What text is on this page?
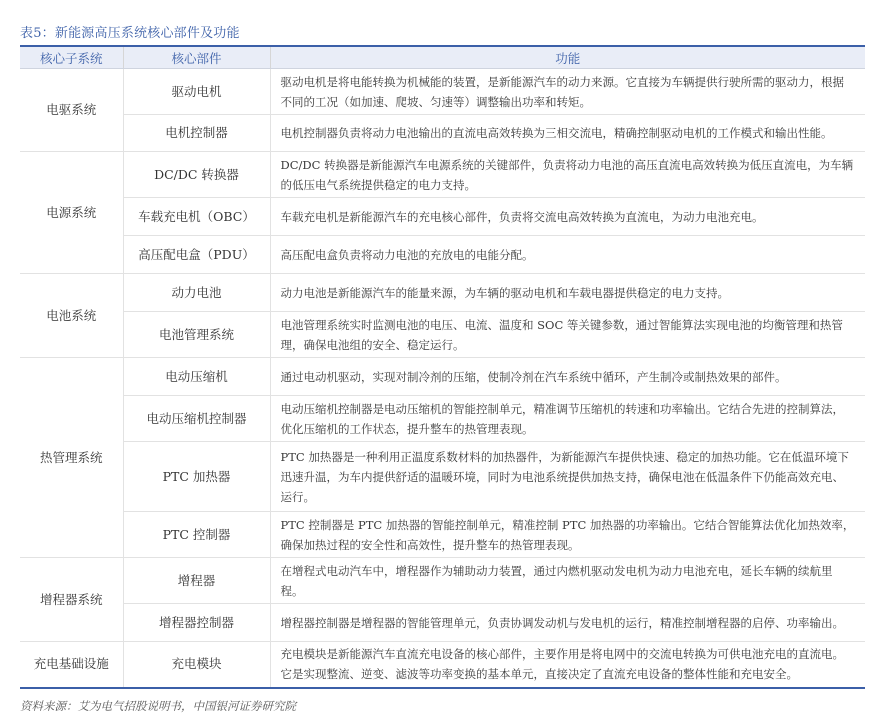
表5：新能源高压系统核心部件及功能
核心子系统	核心部件	功能
电驱系统	驱动电机	驱动电机是将电能转换为机械能的装置，是新能源汽车的动力来源。它直接为车辆提供行驶所需的驱动力，根据不同的工况（如加速、爬坡、匀速等）调整输出功率和转矩。
	电机控制器	电机控制器负责将动力电池输出的直流电高效转换为三相交流电，精确控制驱动电机的工作模式和输出性能。
电源系统	DC/DC 转换器	DC/DC 转换器是新能源汽车电源系统的关键部件，负责将动力电池的高压直流电高效转换为低压直流电，为车辆的低压电气系统提供稳定的电力支持。
	车载充电机（OBC）	车载充电机是新能源汽车的充电核心部件，负责将交流电高效转换为直流电，为动力电池充电。
	高压配电盒（PDU）	高压配电盒负责将动力电池的充放电的电能分配。
电池系统	动力电池	动力电池是新能源汽车的能量来源，为车辆的驱动电机和车载电器提供稳定的电力支持。
	电池管理系统	电池管理系统实时监测电池的电压、电流、温度和 SOC 等关键参数，通过智能算法实现电池的均衡管理和热管理，确保电池组的安全、稳定运行。
热管理系统	电动压缩机	通过电动机驱动，实现对制冷剂的压缩，使制冷剂在汽车系统中循环，产生制冷或制热效果的部件。
	电动压缩机控制器	电动压缩机控制器是电动压缩机的智能控制单元，精准调节压缩机的转速和功率输出。它结合先进的控制算法，优化压缩机的工作状态，提升整车的热管理表现。
	PTC 加热器	PTC 加热器是一种利用正温度系数材料的加热器件，为新能源汽车提供快速、稳定的加热功能。它在低温环境下迅速升温，为车内提供舒适的温暖环境，同时为电池系统提供加热支持，确保电池在低温条件下仍能高效充电、运行。
	PTC 控制器	PTC 控制器是 PTC 加热器的智能控制单元，精准控制 PTC 加热器的功率输出。它结合智能算法优化加热效率，确保加热过程的安全性和高效性，提升整车的热管理表现。
增程器系统	增程器	在增程式电动汽车中，增程器作为辅助动力装置，通过内燃机驱动发电机为动力电池充电，延长车辆的续航里程。
	增程器控制器	增程器控制器是增程器的智能管理单元，负责协调发动机与发电机的运行，精准控制增程器的启停、功率输出。
充电基础设施	充电模块	充电模块是新能源汽车直流充电设备的核心部件，主要作用是将电网中的交流电转换为可供电池充电的直流电。它是实现整流、逆变、滤波等功率变换的基本单元，直接决定了直流充电设备的整体性能和充电安全。
资料来源：艾为电气招股说明书，中国银河证券研究院
